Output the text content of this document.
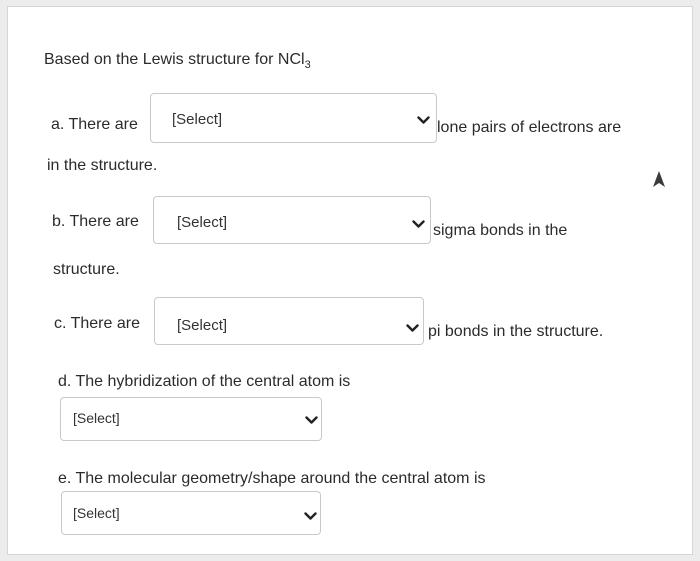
Based on the Lewis structure for NCl$_3$
a. There are [Select]	lone pairs of electrons are
in the structure.
b. There are	[Select]	sigma bonds in the
structure.
c. There are [Select]	pi bonds in the structure.
d. The hybridization of the central atom is
[Select]
e. The molecular geometry/shape around the central atom is
[Select]
